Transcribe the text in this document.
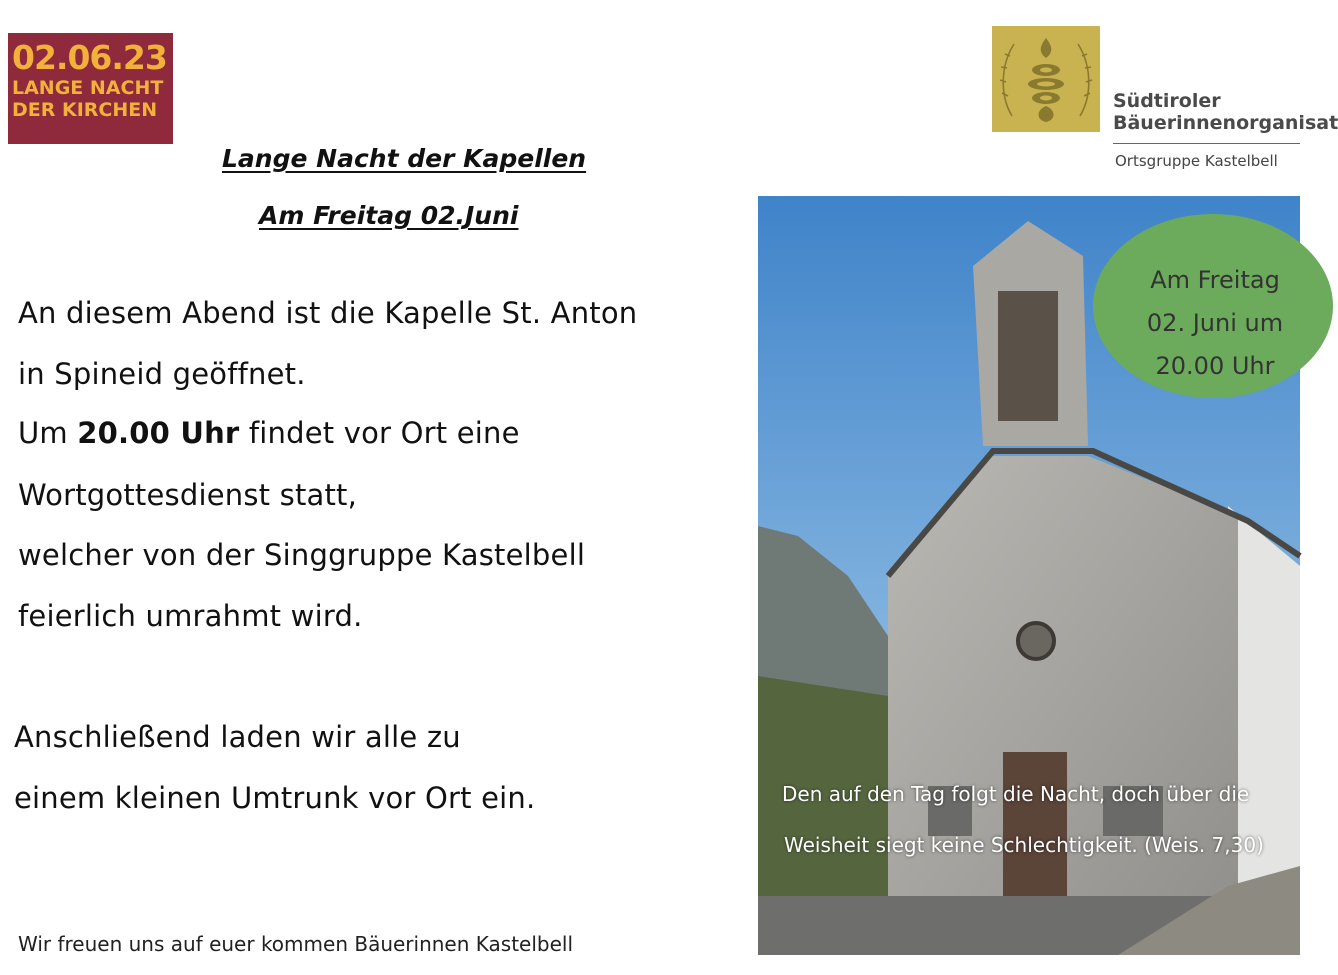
02.06.23
LANGE NACHT
DER KIRCHEN
Lange Nacht der Kapellen
Am Freitag 02.Juni
An diesem Abend ist die Kapelle St. Anton
in Spineid geöffnet.
Um 20.00 Uhr findet vor Ort eine
Wortgottesdienst statt,
welcher von der Singgruppe Kastelbell
feierlich umrahmt wird.
Anschließend laden wir alle zu
einem kleinen Umtrunk vor Ort ein.
Wir freuen uns auf euer kommen Bäuerinnen Kastelbell
Südtiroler
Bäuerinnenorganisat
Ortsgruppe Kastelbell
Am Freitag
02. Juni um
20.00 Uhr
Den auf den Tag folgt die Nacht, doch über die
Weisheit siegt keine Schlechtigkeit. (Weis. 7,30)
